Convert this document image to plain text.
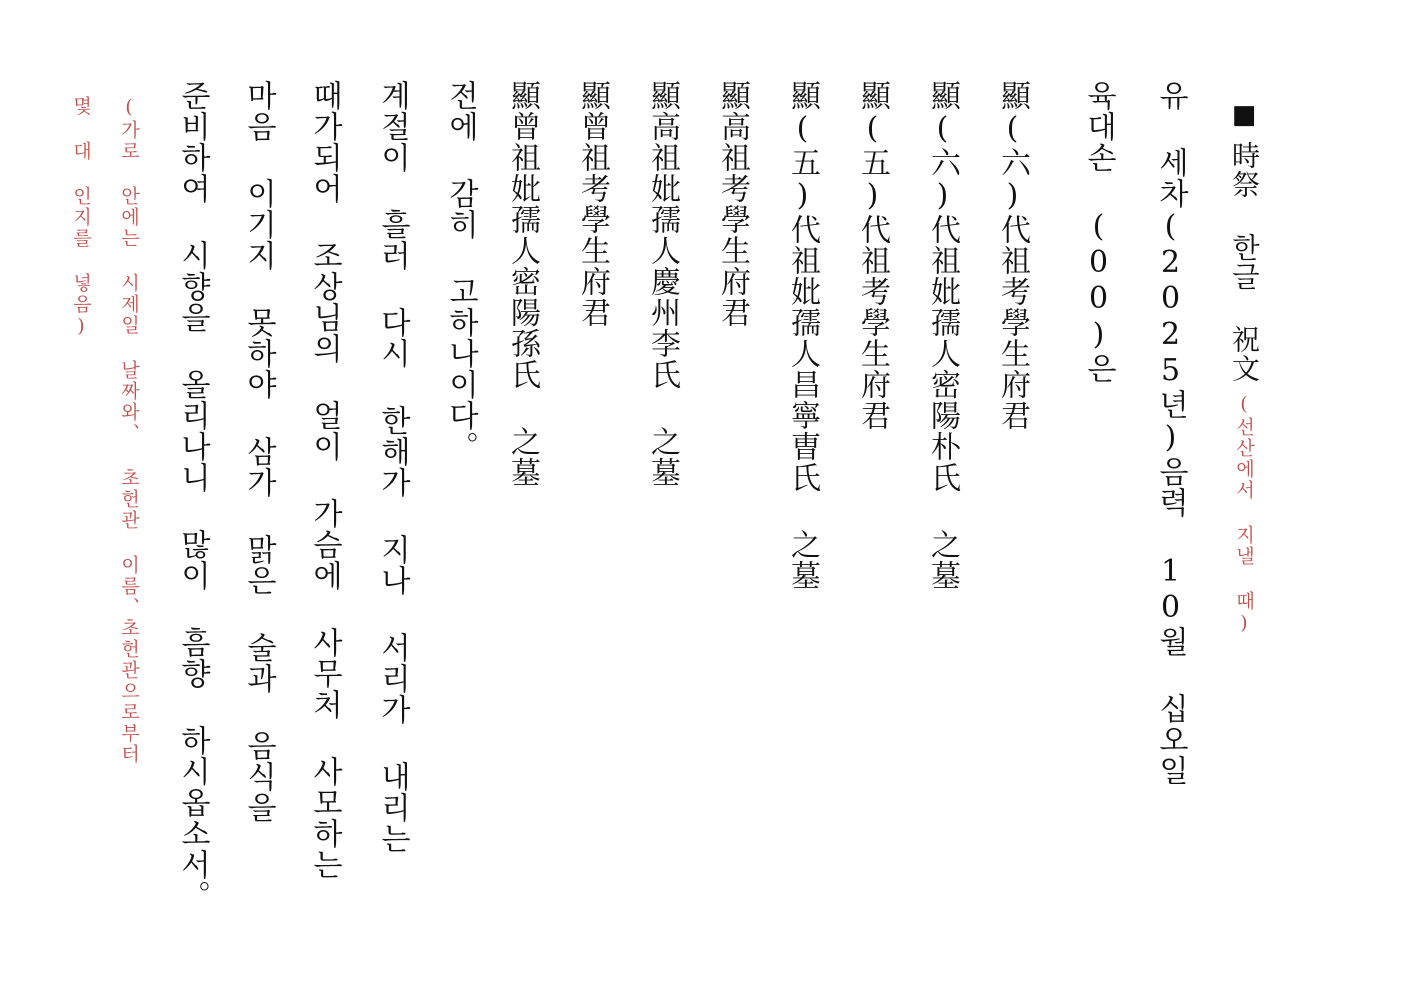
■時祭 한글 祝文(선산에서 지낼 때)
유 세차(2025년)음력 10월 십오일
육대손 (00)은
顯(六)代祖考學生府君
顯(六)代祖妣孺人密陽朴氏 之墓
顯(五)代祖考學生府君
顯(五)代祖妣孺人昌寧曺氏 之墓
顯高祖考學生府君
顯高祖妣孺人慶州李氏 之墓
顯曾祖考學生府君
顯曾祖妣孺人密陽孫氏 之墓
전에 감히 고하나이다。
계절이 흘러 다시 한해가 지나 서리가 내리는
때가되어 조상님의 얼이 가슴에 사무처 사모하는
마음 이기지 못하야 삼가 맑은 술과 음식을
준비하여 시향을 올리나니 많이 흠향 하시옵소서。
(가로 안에는 시제일 날짜와、 초헌관 이름、초헌관으로부터
몇 대 인지를 넣음)
